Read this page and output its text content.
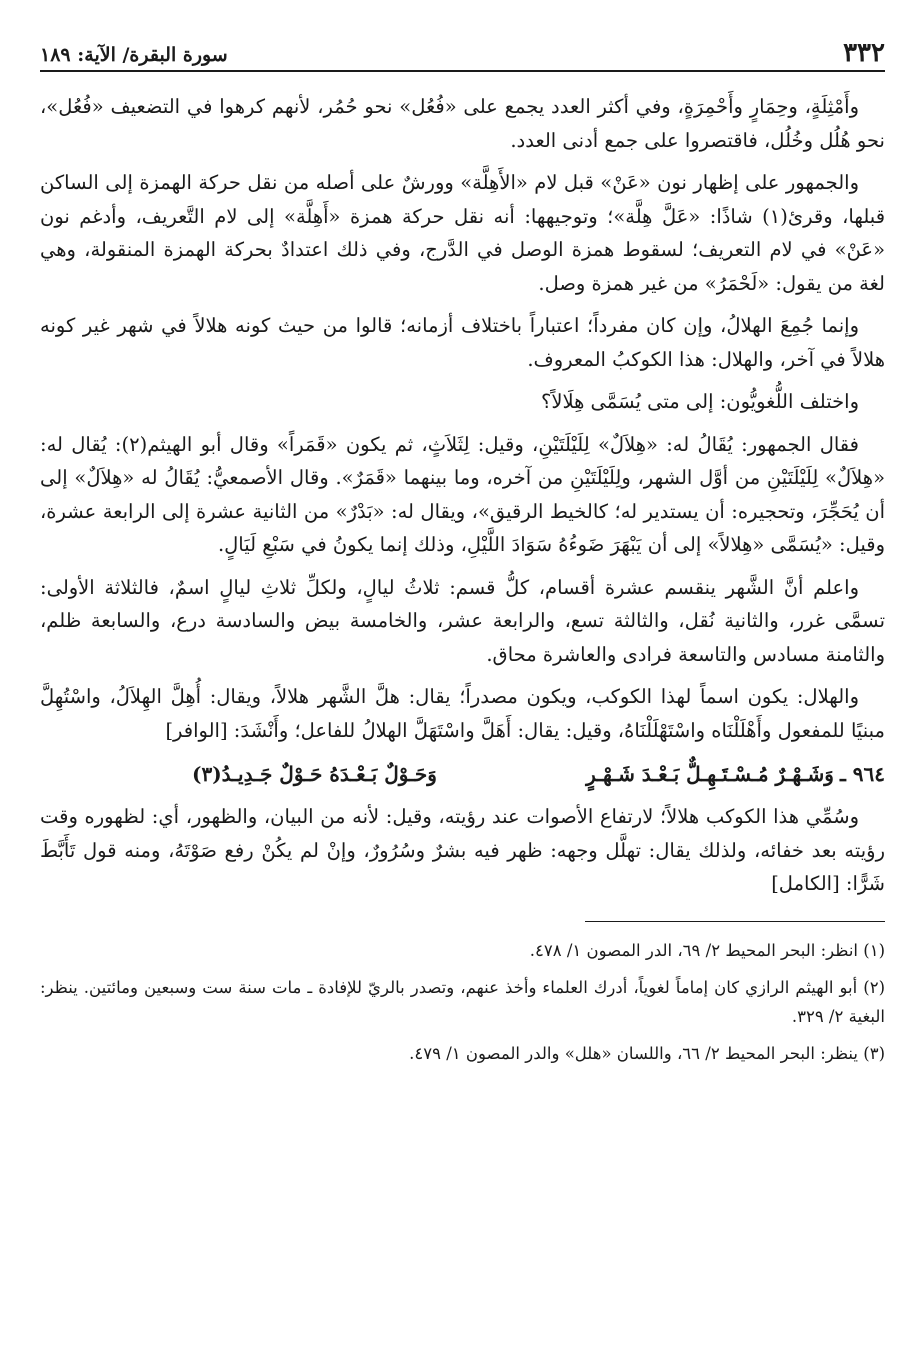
٣٣٢
سورة البقرة/ الآية: ١٨٩

وأَمْثِلَةٍ، وحِمَارٍ وأَحْمِرَةٍ، وفي أكثر العدد يجمع على «فُعُل» نحو حُمُر، لأنهم كرهوا في التضعيف «فُعُل»، نحو هُلُل وخُلُل، فاقتصروا على جمع أدنى العدد.

والجمهور على إظهار نون «عَنْ» قبل لام «الأَهِلَّة» وورشٌ على أصله من نقل حركة الهمزة إلى الساكن قبلها، وقرئ(١) شاذًا: «عَلَّ هِلَّة»؛ وتوجيهها: أنه نقل حركة همزة «أَهِلَّة» إلى لام التَّعريف، وأدغم نون «عَنْ» في لام التعريف؛ لسقوط همزة الوصل في الدَّرج، وفي ذلك اعتدادٌ بحركة الهمزة المنقولة، وهي لغة من يقول: «لَحْمَرُ» من غير همزة وصل.

وإنما جُمِعَ الهلالُ، وإن كان مفرداً؛ اعتباراً باختلاف أزمانه؛ قالوا من حيث كونه هلالاً في شهر غير كونه هلالاً في آخر، والهلال: هذا الكوكبُ المعروف.

واختلف اللُّغويُّون: إلى متى يُسَمَّى هِلَالاً؟

فقال الجمهور: يُقَالُ له: «هِلاَلٌ» لِلَيْلَتَيْنِ، وقيل: لِثَلاَثٍ، ثم يكون «قَمَراً» وقال أبو الهيثم(٢): يُقال له: «هِلاَلٌ» لِلَيْلَتَيْنِ من أوَّل الشهر، ولِلَيْلَتَيْنِ من آخره، وما بينهما «قَمَرٌ». وقال الأصمعيُّ: يُقَالُ له «هِلاَلٌ» إلى أن يُحَجِّرَ، وتحجيره: أن يستدير له؛ كالخيط الرقيق»، ويقال له: «بَدْرٌ» من الثانية عشرة إلى الرابعة عشرة، وقيل: «يُسَمَّى «هِلالاً» إلى أن يَبْهَرَ ضَوءُهُ سَوَادَ اللَّيْلِ، وذلك إنما يكونُ في سَبْعِ لَيَالٍ.

واعلم أنَّ الشَّهر ينقسم عشرة أقسام، كلُّ قسم: ثلاثُ ليالٍ، ولكلِّ ثلاثِ ليالٍ اسمٌ، فالثلاثة الأولى: تسمَّى غرر، والثانية نُقل، والثالثة تسع، والرابعة عشر، والخامسة بيض والسادسة درع، والسابعة ظلم، والثامنة مسادس والتاسعة فرادى والعاشرة محاق.

والهلال: يكون اسماً لهذا الكوكب، ويكون مصدراً؛ يقال: هلَّ الشَّهر هلالاً، ويقال: أُهِلَّ الهِلاَلُ، واسْتُهِلَّ مبنيًا للمفعول وأَهْلَلْنَاه واسْتَهْلَلْنَاهُ، وقيل: يقال: أَهَلَّ واسْتَهَلَّ الهلالُ للفاعل؛ وأَنْشَدَ: [الوافر]

٩٦٤ ـ
وَشَـهْـرٌ مُـسْـتَـهِـلٌّ بَـعْـدَ شَـهْـرٍ
وَحَـوْلٌ بَـعْـدَهُ حَـوْلٌ جَـدِيـدُ(٣)

وسُمِّي هذا الكوكب هلالاً؛ لارتفاع الأصوات عند رؤيته، وقيل: لأنه من البيان، والظهور، أي: لظهوره وقت رؤيته بعد خفائه، ولذلك يقال: تهلَّل وجهه: ظهر فيه بشرٌ وسُرُورٌ، وإنْ لم يكُنْ رفع صَوْتَهُ، ومنه قول تَأَبَّطَ شَرًّا: [الكامل]

(١) انظر: البحر المحيط ٢/ ٦٩، الدر المصون ١/ ٤٧٨.

(٢) أبو الهيثم الرازي كان إماماً لغوياً، أدرك العلماء وأخذ عنهم، وتصدر بالريّ للإفادة ـ مات سنة ست وسبعين ومائتين. ينظر: البغية ٢/ ٣٢٩.

(٣) ينظر: البحر المحيط ٢/ ٦٦، واللسان «هلل» والدر المصون ١/ ٤٧٩.
